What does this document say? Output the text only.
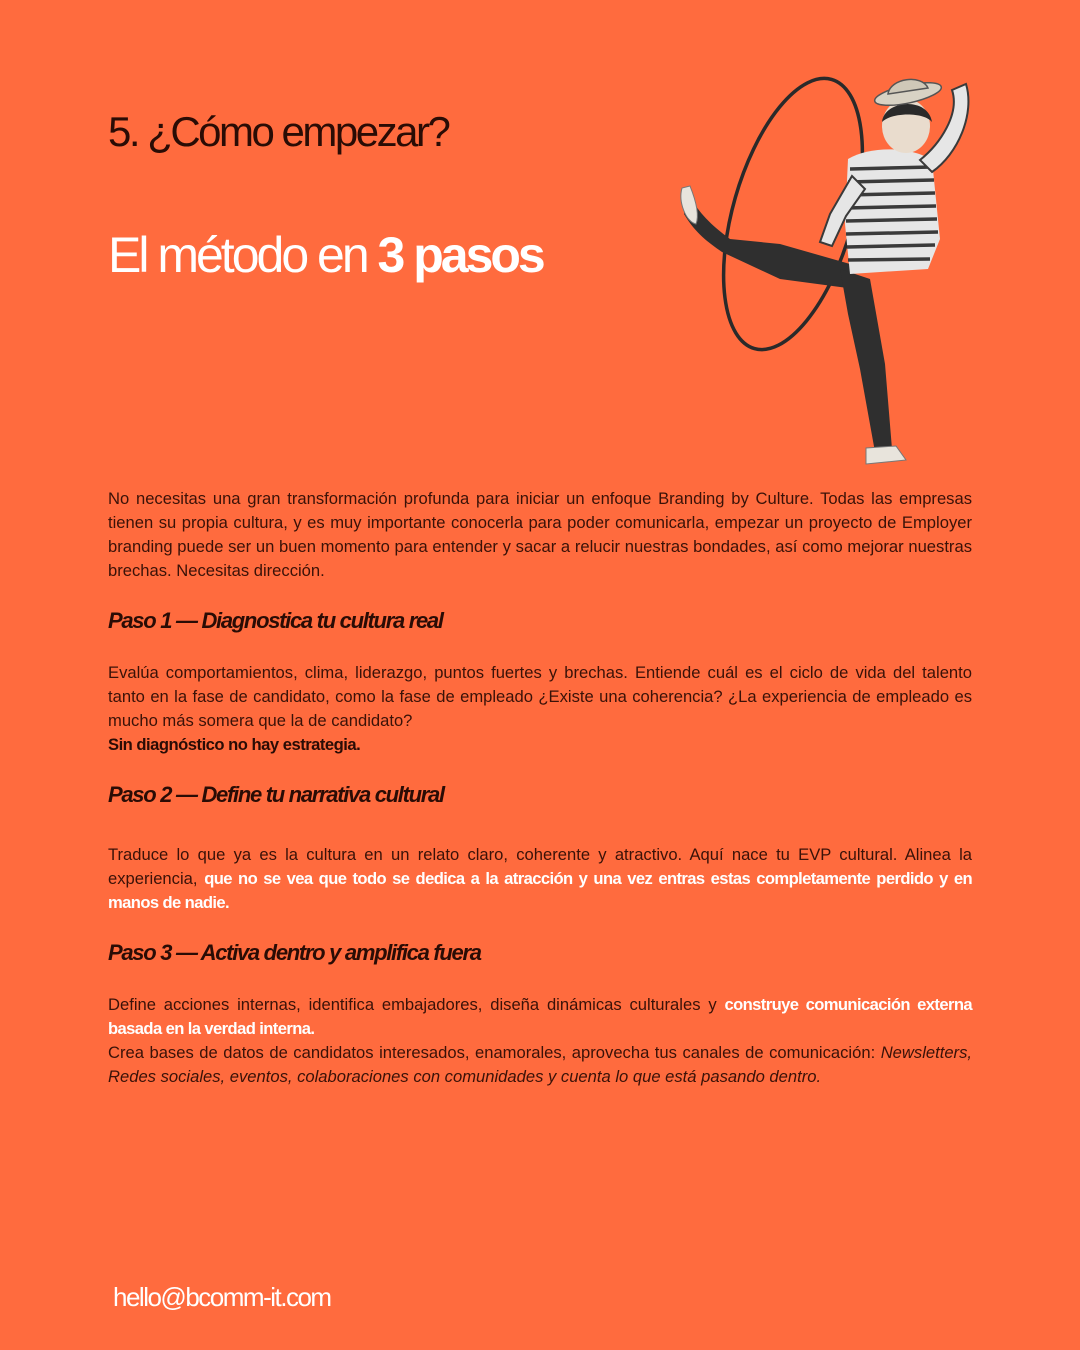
5. ¿Cómo empezar?
El método en 3 pasos

No necesitas una gran transformación profunda para iniciar un enfoque Branding by Culture. Todas las empresas tienen su propia cultura, y es muy importante conocerla para poder comunicarla, empezar un proyecto de Employer branding puede ser un buen momento para entender y sacar a relucir nuestras bondades, así como mejorar nuestras brechas. Necesitas dirección.

Paso 1 — Diagnostica tu cultura real

Evalúa comportamientos, clima, liderazgo, puntos fuertes y brechas. Entiende cuál es el ciclo de vida del talento tanto en la fase de candidato, como la fase de empleado ¿Existe una coherencia? ¿La experiencia de empleado es mucho más somera que la de candidato?

Sin diagnóstico no hay estrategia.

Paso 2 — Define tu narrativa cultural

Traduce lo que ya es la cultura en un relato claro, coherente y atractivo. Aquí nace tu EVP cultural. Alinea la experiencia, que no se vea que todo se dedica a la atracción y una vez entras estas completamente perdido y en manos de nadie.

Paso 3 — Activa dentro y amplifica fuera

Define acciones internas, identifica embajadores, diseña dinámicas culturales y construye comunicación externa basada en la verdad interna.

Crea bases de datos de candidatos interesados, enamorales, aprovecha tus canales de comunicación: Newsletters, Redes sociales, eventos, colaboraciones con comunidades y cuenta lo que está pasando dentro.

hello@bcomm-it.com
